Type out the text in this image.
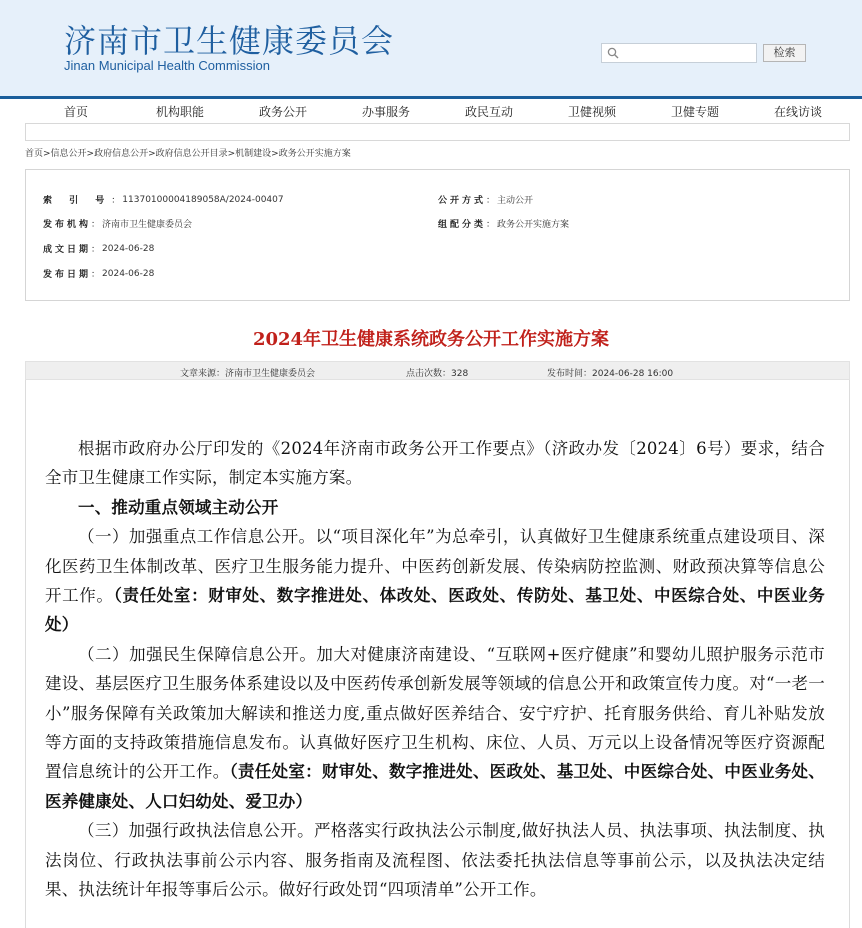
济南市卫生健康委员会
Jinan Municipal Health Commission
检索
首页	机构职能	政务公开	办事服务	政民互动	卫健视频	卫健专题	在线访谈
首页>信息公开>政府信息公开>政府信息公开目录>机制建设>政务公开实施方案
索 引 号 ： 11370100004189058A/2024-00407
发布机构 ： 济南市卫生健康委员会
成文日期 ： 2024-06-28
发布日期 ： 2024-06-28
公开方式 ： 主动公开
组配分类 ： 政务公开实施方案
2024年卫生健康系统政务公开工作实施方案
文章来源：济南市卫生健康委员会	点击次数：328	发布时间：2024-06-28 16:00

根据市政府办公厅印发的《2024年济南市政务公开工作要点》（济政办发〔2024〕6号）要求，结合全市卫生健康工作实际，制定本实施方案。

一、推动重点领域主动公开

（一）加强重点工作信息公开。以“项目深化年”为总牵引，认真做好卫生健康系统重点建设项目、深化医药卫生体制改革、医疗卫生服务能力提升、中医药创新发展、传染病防控监测、财政预决算等信息公开工作。（责任处室：财审处、数字推进处、体改处、医政处、传防处、基卫处、中医综合处、中医业务处）

（二）加强民生保障信息公开。加大对健康济南建设、“互联网+医疗健康”和婴幼儿照护服务示范市建设、基层医疗卫生服务体系建设以及中医药传承创新发展等领域的信息公开和政策宣传力度。对“一老一小”服务保障有关政策加大解读和推送力度,重点做好医养结合、安宁疗护、托育服务供给、育儿补贴发放等方面的支持政策措施信息发布。认真做好医疗卫生机构、床位、人员、万元以上设备情况等医疗资源配置信息统计的公开工作。（责任处室：财审处、数字推进处、医政处、基卫处、中医综合处、中医业务处、医养健康处、人口妇幼处、爱卫办）

（三）加强行政执法信息公开。严格落实行政执法公示制度,做好执法人员、执法事项、执法制度、执法岗位、行政执法事前公示内容、服务指南及流程图、依法委托执法信息等事前公示，以及执法决定结果、执法统计年报等事后公示。做好行政处罚“四项清单”公开工作。
